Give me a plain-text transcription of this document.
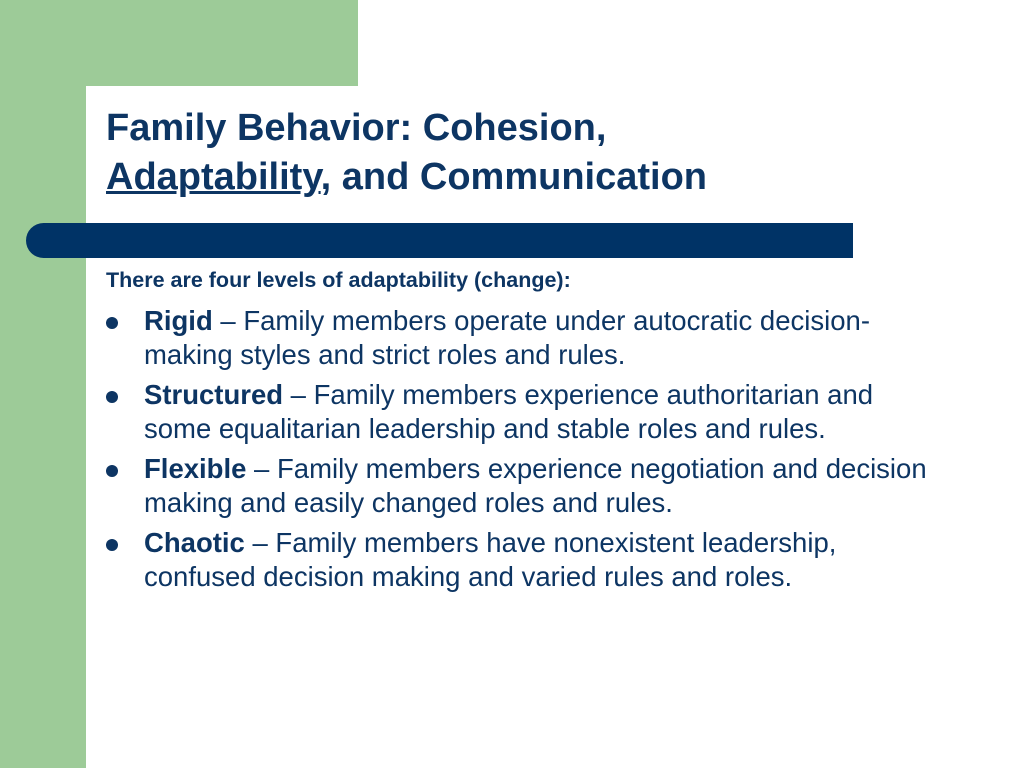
Family Behavior: Cohesion,
Adaptability, and Communication

There are four levels of adaptability (change):

Rigid – Family members operate under autocratic decision-making styles and strict roles and rules.
Structured – Family members experience authoritarian and some equalitarian leadership and stable roles and rules.
Flexible – Family members experience negotiation and decision making and easily changed roles and rules.
Chaotic – Family members have nonexistent leadership, confused decision making and varied rules and roles.
